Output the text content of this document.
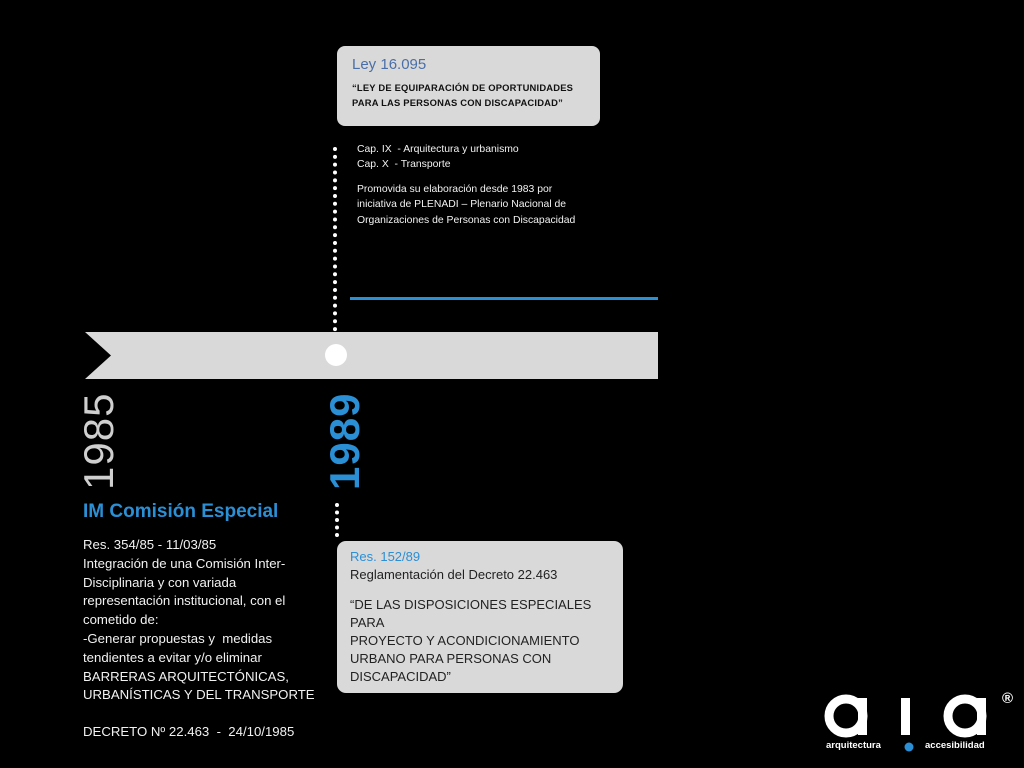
Ley 16.095
“LEY DE EQUIPARACIÓN DE OPORTUNIDADES
PARA LAS PERSONAS CON DISCAPACIDAD”
Cap. IX  - Arquitectura y urbanismo
Cap. X  - Transporte
Promovida su elaboración desde 1983 por
iniciativa de PLENADI – Plenario Nacional de
Organizaciones de Personas con Discapacidad
1985	1989
IM Comisión Especial
Res. 354/85 - 11/03/85
Integración de una Comisión Inter-
Disciplinaria y con variada
representación institucional, con el
cometido de:
-Generar propuestas y  medidas
tendientes a evitar y/o eliminar
BARRERAS ARQUITECTÓNICAS,
URBANÍSTICAS Y DEL TRANSPORTE
DECRETO Nº 22.463  -  24/10/1985
Res. 152/89
Reglamentación del Decreto 22.463
“DE LAS DISPOSICIONES ESPECIALES PARA
PROYECTO Y ACONDICIONAMIENTO
URBANO PARA PERSONAS CON
DISCAPACIDAD”
arquitectura	accesibilidad
®
